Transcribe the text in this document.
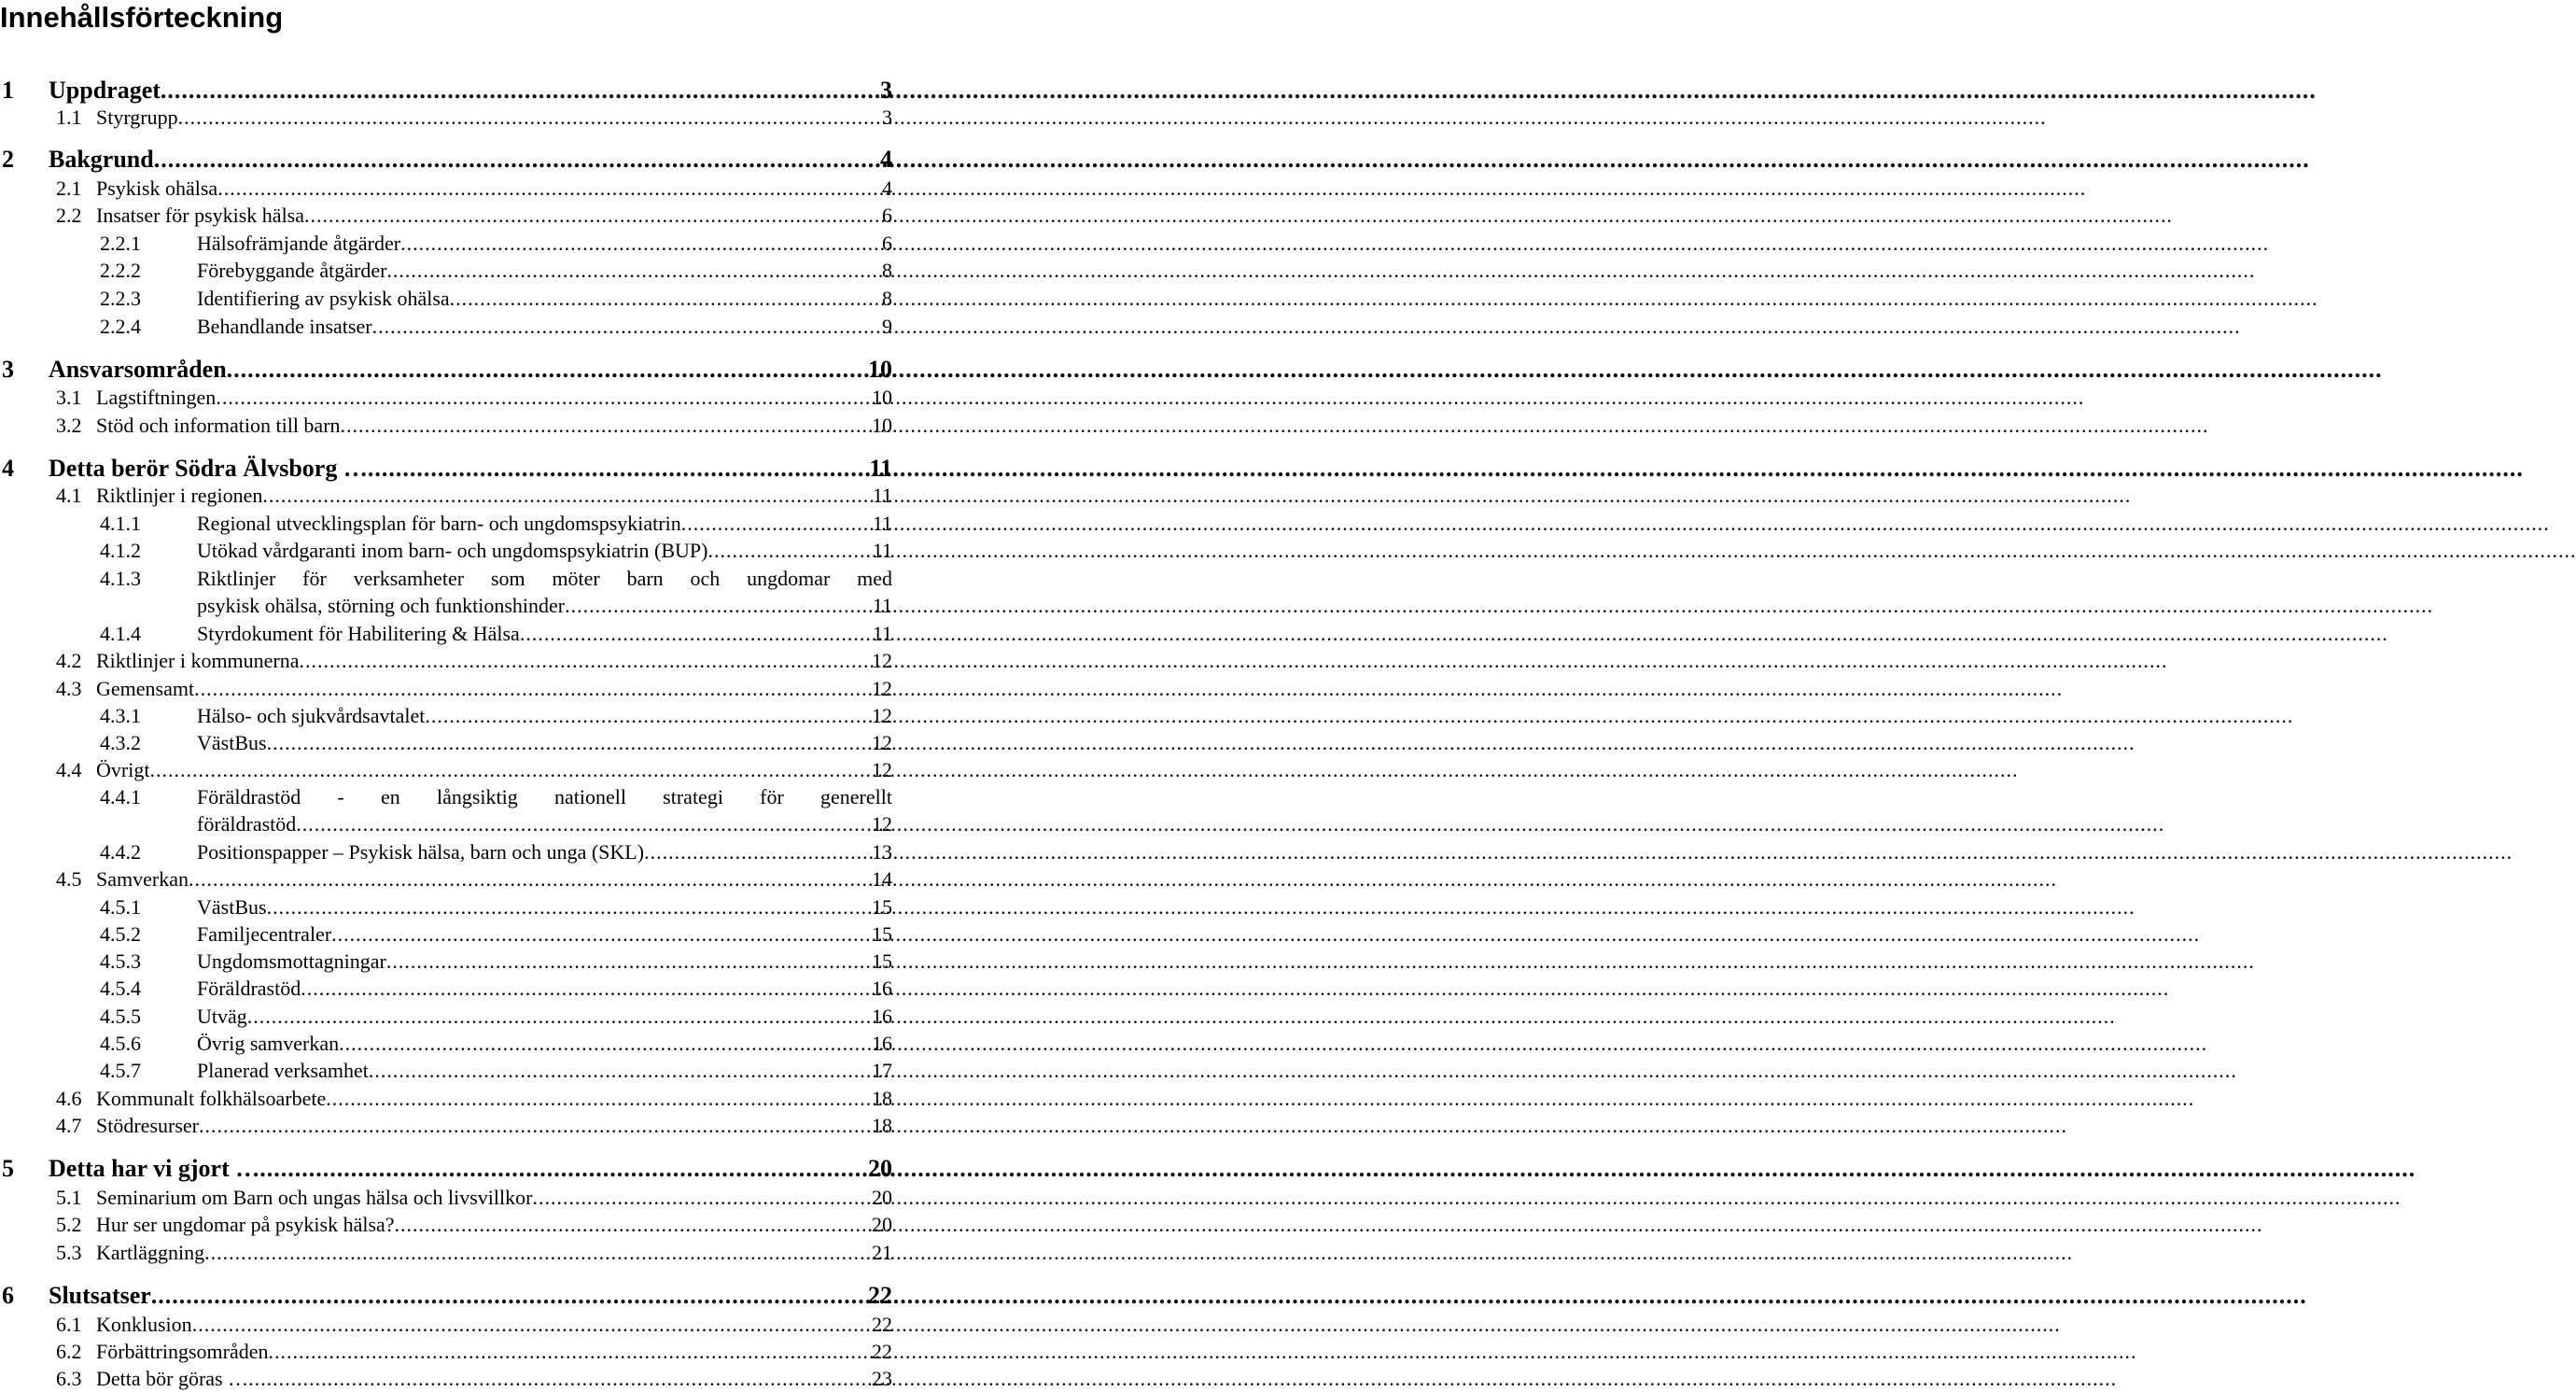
Innehållsförteckning
1 Uppdraget .....	3
1.1 Styrgrupp .....	3
2 Bakgrund .....	4
2.1 Psykisk ohälsa .....	4
2.2 Insatser för psykisk hälsa .....	6
2.2.1	Hälsofrämjande åtgärder .....	6
2.2.2	Förebyggande åtgärder .....	8
2.2.3	Identifiering av psykisk ohälsa .....	8
2.2.4	Behandlande insatser .....	9
3 Ansvarsområden .....	10
3.1 Lagstiftningen .....	10
3.2 Stöd och information till barn .....	10
4 Detta berör Södra Älvsborg … .....	11
4.1 Riktlinjer i regionen .....	11
4.1.1	Regional utvecklingsplan för barn- och ungdomspsykiatrin .....	11
4.1.2	Utökad vårdgaranti inom barn- och ungdomspsykiatrin (BUP) .....	11
4.1.3	Riktlinjer för verksamheter som möter barn och ungdomar med
psykisk ohälsa, störning och funktionshinder .....	11
4.1.4	Styrdokument för Habilitering & Hälsa .....	11
4.2 Riktlinjer i kommunerna .....	12
4.3 Gemensamt .....	12
4.3.1	Hälso- och sjukvårdsavtalet .....	12
4.3.2	VästBus .....	12
4.4 Övrigt .....	12
4.4.1	Föräldrastöd - en långsiktig nationell strategi för generellt
föräldrastöd .....	12
4.4.2	Positionspapper – Psykisk hälsa, barn och unga (SKL) .....	13
4.5 Samverkan .....	14
4.5.1	VästBus .....	15
4.5.2	Familjecentraler .....	15
4.5.3	Ungdomsmottagningar .....	15
4.5.4	Föräldrastöd .....	16
4.5.5	Utväg .....	16
4.5.6	Övrig samverkan .....	16
4.5.7	Planerad verksamhet .....	17
4.6 Kommunalt folkhälsoarbete .....	18
4.7 Stödresurser .....	18
5 Detta har vi gjort … .....	20
5.1 Seminarium om Barn och ungas hälsa och livsvillkor .....	20
5.2 Hur ser ungdomar på psykisk hälsa? .....	20
5.3 Kartläggning .....	21
6 Slutsatser .....	22
6.1 Konklusion .....	22
6.2 Förbättringsområden .....	22
6.3 Detta bör göras … .....	23
